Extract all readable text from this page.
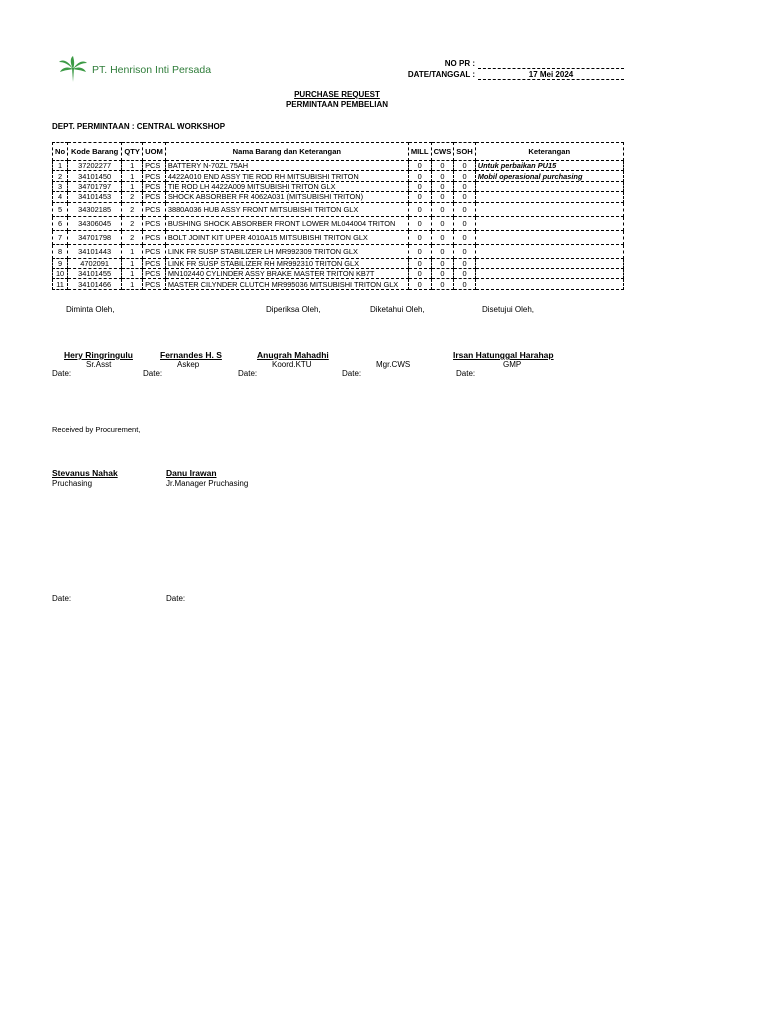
PT. Henrison Inti Persada
NO PR :
DATE/TANGGAL :	17 Mei 2024
PURCHASE REQUEST
PERMINTAAN PEMBELIAN
DEPT. PERMINTAAN : CENTRAL WORKSHOP
No	Kode Barang	QTY	UOM	Nama Barang dan Keterangan	MILL	CWS	SOH	Keterangan
1	37202277	1	PCS	BATTERY N-70ZL 75AH	0	0	0	Untuk perbaikan PU15
2	34101450	1	PCS	4422A010 END ASSY TIE ROD RH MITSUBISHI TRITON	0	0	0	Mobil operasional purchasing
3	34701797	1	PCS	TIE ROD LH 4422A009 MITSUBISHI TRITON GLX	0	0	0	
4	34101453	2	PCS	SHOCK ABSORBER FR 4062A031 (MITSUBISHI TRITON)	0	0	0	
5	34302185	2	PCS	3880A036 HUB ASSY FRONT MITSUBISHI TRITON GLX	0	0	0	
6	34306045	2	PCS	BUSHING SHOCK ABSORBER FRONT LOWER ML044004 TRITON	0	0	0	
7	34701798	2	PCS	BOLT JOINT KIT UPER 4010A15 MITSUBISHI TRITON GLX	0	0	0	
8	34101443	1	PCS	LINK FR SUSP STABILIZER LH MR992309 TRITON GLX	0	0	0	
9	4702091	1	PCS	LINK FR SUSP STABILIZER RH MR992310 TRITON GLX	0	0	0	
10	34101455	1	PCS	MN102440 CYLINDER ASSY BRAKE MASTER TRITON KB7T	0	0	0	
11	34101466	1	PCS	MASTER CILYNDER CLUTCH MR995036 MITSUBISHI TRITON GLX	0	0	0	
Diminta Oleh,	Diperiksa Oleh,	Diketahui Oleh,	Disetujui Oleh,
Hery Ringringulu
Sr.Asst
Fernandes H. S
Askep
Anugrah Mahadhi
Koord.KTU	Mgr.CWS
Irsan Hatunggal Harahap
GMP
Date:	Date:	Date:	Date:	Date:
Received by Procurement,
Stevanus Nahak
Pruchasing
Danu Irawan
Jr.Manager Pruchasing
Date:	Date:
